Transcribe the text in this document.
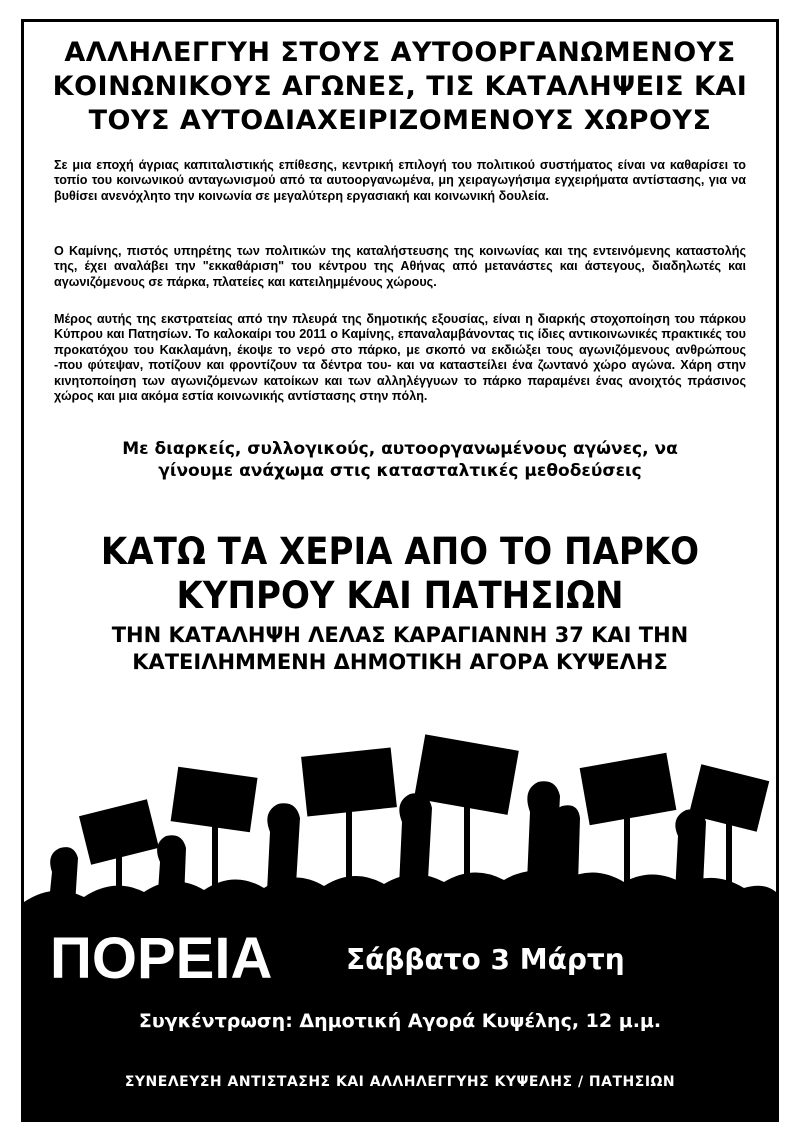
ΑΛΛΗΛΕΓΓΥΗ ΣΤΟΥΣ ΑΥΤΟΟΡΓΑΝΩΜΕΝΟΥΣ
ΚΟΙΝΩΝΙΚΟΥΣ ΑΓΩΝΕΣ, ΤΙΣ ΚΑΤΑΛΗΨΕΙΣ ΚΑΙ
ΤΟΥΣ ΑΥΤΟΔΙΑΧΕΙΡΙΖΟΜΕΝΟΥΣ ΧΩΡΟΥΣ
Σε μια εποχή άγριας καπιταλιστικής επίθεσης, κεντρική επιλογή του πολιτικού συστήματος είναι να καθαρίσει το τοπίο του κοινωνικού ανταγωνισμού από τα αυτοοργανωμένα, μη χειραγωγήσιμα εγχειρήματα αντίστασης, για να βυθίσει ανενόχλητο την κοινωνία σε μεγαλύτερη εργασιακή και κοινωνική δουλεία.
Ο Καμίνης, πιστός υπηρέτης των πολιτικών της καταλήστευσης της κοινωνίας και της εντεινόμενης καταστολής της, έχει αναλάβει την "εκκαθάριση" του κέντρου της Αθήνας από μετανάστες και άστεγους, διαδηλωτές και αγωνιζόμενους σε πάρκα, πλατείες και κατειλημμένους χώρους.
Μέρος αυτής της εκστρατείας από την πλευρά της δημοτικής εξουσίας, είναι η διαρκής στοχοποίηση του πάρκου Κύπρου και Πατησίων. Το καλοκαίρι του 2011 ο Καμίνης, επαναλαμβάνοντας τις ίδιες αντικοινωνικές πρακτικές του προκατόχου του Κακλαμάνη, έκοψε το νερό στο πάρκο, με σκοπό να εκδιώξει τους αγωνιζόμενους ανθρώπους -που φύτεψαν, ποτίζουν και φροντίζουν τα δέντρα του- και να καταστείλει ένα ζωντανό χώρο αγώνα. Χάρη στην κινητοποίηση των αγωνιζόμενων κατοίκων και των αλληλέγγυων το πάρκο παραμένει ένας ανοιχτός πράσινος χώρος και μια ακόμα εστία κοινωνικής αντίστασης στην πόλη.
Με διαρκείς, συλλογικούς, αυτοοργανωμένους αγώνες, να
γίνουμε ανάχωμα στις κατασταλτικές μεθοδεύσεις
ΚΑΤΩ ΤΑ ΧΕΡΙΑ ΑΠΟ ΤΟ ΠΑΡΚΟ
ΚΥΠΡΟΥ ΚΑΙ ΠΑΤΗΣΙΩΝ
ΤΗΝ ΚΑΤΑΛΗΨΗ ΛΕΛΑΣ ΚΑΡΑΓΙΑΝΝΗ 37 ΚΑΙ ΤΗΝ
ΚΑΤΕΙΛΗΜΜΕΝΗ ΔΗΜΟΤΙΚΗ ΑΓΟΡΑ ΚΥΨΕΛΗΣ
ΠΟΡΕΙΑ	Σάββατο 3 Μάρτη
Συγκέντρωση: Δημοτική Αγορά Κυψέλης, 12 μ.μ.
ΣΥΝΕΛΕΥΣΗ ΑΝΤΙΣΤΑΣΗΣ ΚΑΙ ΑΛΛΗΛΕΓΓΥΗΣ ΚΥΨΕΛΗΣ / ΠΑΤΗΣΙΩΝ
